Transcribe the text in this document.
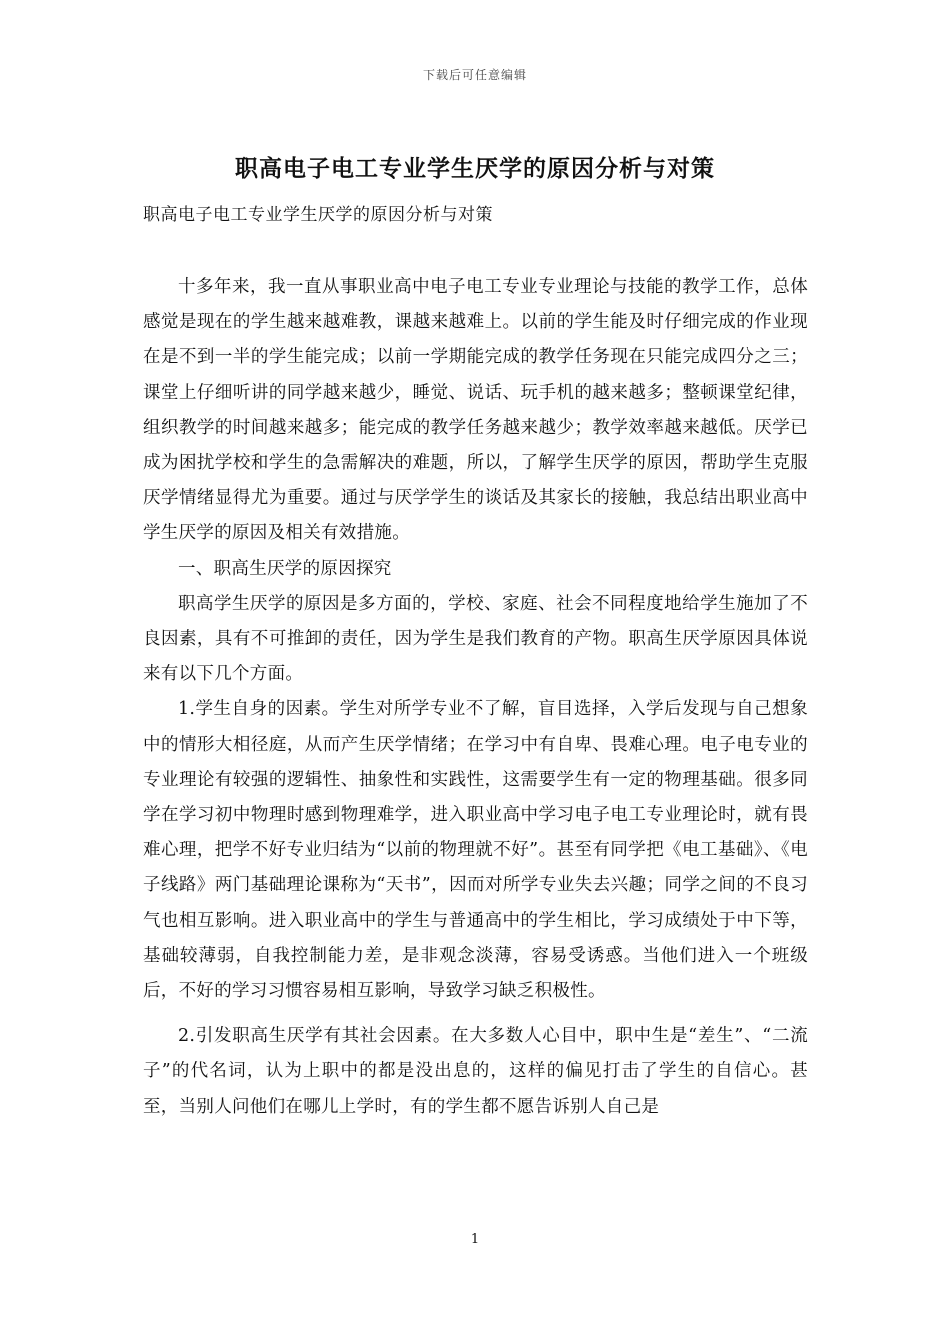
下载后可任意编辑
职高电子电工专业学生厌学的原因分析与对策

职高电子电工专业学生厌学的原因分析与对策

十多年来，我一直从事职业高中电子电工专业专业理论与技能的教学工作，总体感觉是现在的学生越来越难教，课越来越难上。以前的学生能及时仔细完成的作业现在是不到一半的学生能完成；以前一学期能完成的教学任务现在只能完成四分之三；课堂上仔细听讲的同学越来越少，睡觉、说话、玩手机的越来越多；整顿课堂纪律，组织教学的时间越来越多；能完成的教学任务越来越少；教学效率越来越低。厌学已成为困扰学校和学生的急需解决的难题，所以，了解学生厌学的原因，帮助学生克服厌学情绪显得尤为重要。通过与厌学学生的谈话及其家长的接触，我总结出职业高中学生厌学的原因及相关有效措施。

一、职高生厌学的原因探究

职高学生厌学的原因是多方面的，学校、家庭、社会不同程度地给学生施加了不良因素，具有不可推卸的责任，因为学生是我们教育的产物。职高生厌学原因具体说来有以下几个方面。

1.学生自身的因素。学生对所学专业不了解，盲目选择，入学后发现与自己想象中的情形大相径庭，从而产生厌学情绪；在学习中有自卑、畏难心理。电子电专业的专业理论有较强的逻辑性、抽象性和实践性，这需要学生有一定的物理基础。很多同学在学习初中物理时感到物理难学，进入职业高中学习电子电工专业理论时，就有畏难心理，把学不好专业归结为“以前的物理就不好”。甚至有同学把《电工基础》、《电子线路》两门基础理论课称为“天书”，因而对所学专业失去兴趣；同学之间的不良习气也相互影响。进入职业高中的学生与普通高中的学生相比，学习成绩处于中下等，基础较薄弱，自我控制能力差，是非观念淡薄，容易受诱惑。当他们进入一个班级后，不好的学习习惯容易相互影响，导致学习缺乏积极性。

2.引发职高生厌学有其社会因素。在大多数人心目中，职中生是“差生”、“二流子”的代名词，认为上职中的都是没出息的，这样的偏见打击了学生的自信心。甚至，当别人问他们在哪儿上学时，有的学生都不愿告诉别人自己是

1
